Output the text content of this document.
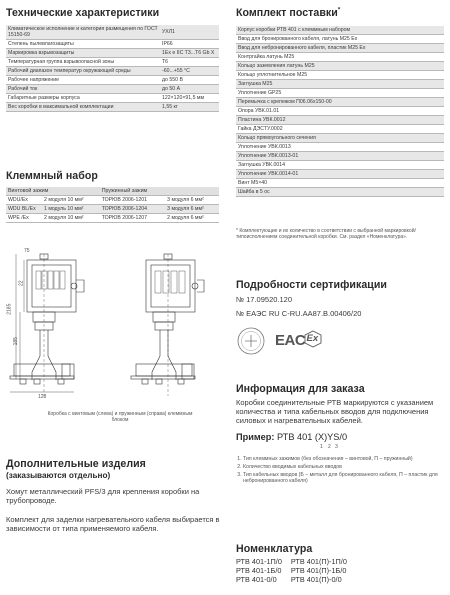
Технические характеристики
Климатическое исполнение и категория размещения по ГОСТ 15150-69	УХЛ1
Степень пылевлагозащиты	IP66
Маркировка взрывозащиты	1Ex e IIC T3...T6 Gb X
Температурная группа взрывоопасной зоны	Т6
Рабочий диапазон температур окружающей среды	-60...+55 °С
Рабочее напряжение	до 550 В
Рабочий ток	до 50 А
Габаритные размеры корпуса	122×120×91,5 мм
Вес коробки в максимальной комплектации	1,55 кг
Клеммный набор
Винтовой зажим		Пружинный зажим	
WDU/Ex	2 модуля 10 мм²	ТОРЮВ 2006-1201	3 модуля 6 мм²
WDU BL/Ex	1 модуль 10 мм²	ТОРЮВ 2006-1204	3 модуля 6 мм²
WPE /Ex	2 модуля 10 мм²	ТОРЮВ 2006-1207	2 модуля 6 мм²
75
2185
185
22
128
Коробка с винтовым (слева) и пружинным (справа) клеммным блоком
Дополнительные изделия
(заказываются отдельно)
Хомут металлический PFS/3 для крепления коробки на трубопроводе.
Комплект для заделки нагревательного кабеля выбирается в зависимости от типа применяемого кабеля.
Комплект поставки*
Корпус коробки РТВ 401 с клеммным набором
Ввод для бронированного кабеля, латунь М25 Ex
Ввод для небронированного кабеля, пластик М25 Ex
Контргайка латунь М25
Кольцо заземления латунь М25
Кольцо уплотнительное М25
Заглушка М25
Уплотнение GP25
Перемычка с крепежом П06.06х150-00
Опора УВК.01.01
Пластина УВК.0012
Гайка ДЭСТУ.0002
Кольцо прямоугольного сечения
Уплотнение УВК.0013
Уплотнение УВК.0013-01
Заглушка УВК.0014
Уплотнение УВК.0014-01
Винт М5×40
Шайба в 5 ос
* Комплектующие и их количество в соответствии с выбранной маркировкой/ типоисполнением соединительной коробки. См. раздел «Номенклатура».
Подробности сертификации
№ 17.09520.120
№ ЕАЭС RU C-RU.AA87.B.00406/20
EAC Ex
Информация для заказа
Коробки соединительные РТВ маркируются с указанием количества и типа кабельных вводов для подключения силовых и нагревательных кабелей.
Пример: РТВ 401 (X)YS/0
1 2 3
1. Тип клеммных зажимов (без обозначения – винтовой, П – пружинный)
2. Количество вводимых кабельных вводов
3. Тип кабельных вводов (Б – металл для бронированного кабеля, П – пластик для небронированного кабеля)
Номенклатура
РТВ 401-1П/0	РТВ 401(П)-1П/0
РТВ 401-1Б/0	РТВ 401(П)-1Б/0
РТВ 401-0/0	РТВ 401(П)-0/0
